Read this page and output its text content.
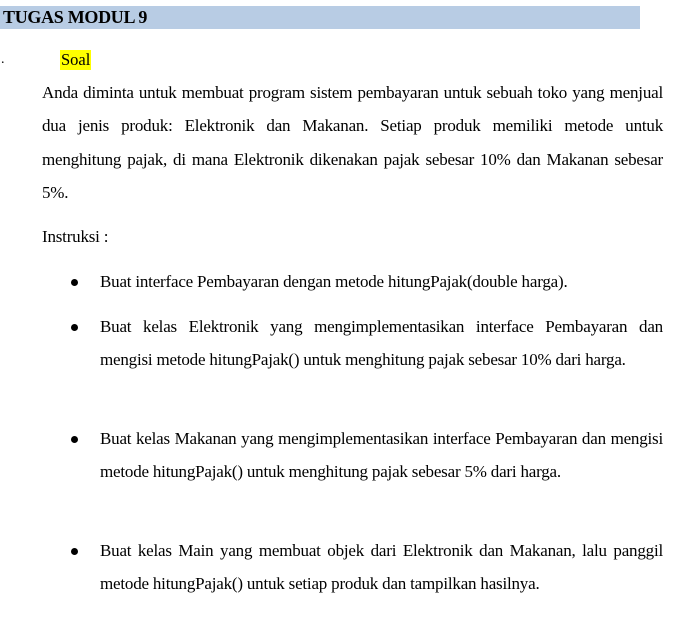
TUGAS MODUL 9
.	Soal
Anda diminta untuk membuat program sistem pembayaran untuk sebuah toko yang menjual dua jenis produk: Elektronik dan Makanan. Setiap produk memiliki metode untuk menghitung pajak, di mana Elektronik dikenakan pajak sebesar 10% dan Makanan sebesar 5%.
Instruksi :
Buat interface Pembayaran dengan metode hitungPajak(double harga).
Buat kelas Elektronik yang mengimplementasikan interface Pembayaran dan mengisi metode hitungPajak() untuk menghitung pajak sebesar 10% dari harga.
Buat kelas Makanan yang mengimplementasikan interface Pembayaran dan mengisi metode hitungPajak() untuk menghitung pajak sebesar 5% dari harga.
Buat kelas Main yang membuat objek dari Elektronik dan Makanan, lalu panggil metode hitungPajak() untuk setiap produk dan tampilkan hasilnya.
